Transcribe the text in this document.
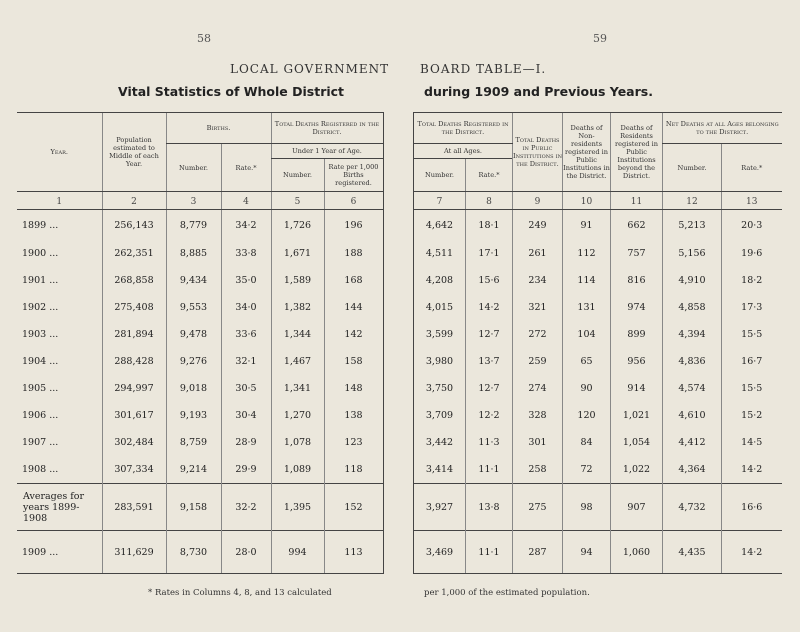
58	59
LOCAL GOVERNMENT	BOARD TABLE—I.
Vital Statistics of Whole District	during 1909 and Previous Years.
Year.	Population estimated to Middle of each Year.	Births.		Total Deaths Registered in the District.	
		Number.	Rate.*	Under 1 Year of Age.	
				Number.	Rate per 1,000 Births registered.
1	2	3	4	5	6
1899 ...	256,143	8,779	34·2	1,726	196
1900 ...	262,351	8,885	33·8	1,671	188
1901 ...	268,858	9,434	35·0	1,589	168
1902 ...	275,408	9,553	34·0	1,382	144
1903 ...	281,894	9,478	33·6	1,344	142
1904 ...	288,428	9,276	32·1	1,467	158
1905 ...	294,997	9,018	30·5	1,341	148
1906 ...	301,617	9,193	30·4	1,270	138
1907 ...	302,484	8,759	28·9	1,078	123
1908 ...	307,334	9,214	29·9	1,089	118
Averages for years 1899-1908	283,591	9,158	32·2	1,395	152
1909 ...	311,629	8,730	28·0	994	113
Total Deaths Registered in the District.		Total Deaths in Public Institutions in the District.	Deaths of Non-residents registered in Public Institutions in the District.	Deaths of Residents registered in Public Institutions beyond the District.	Net Deaths at all Ages belonging to the District.	
At all Ages.					Number.	Rate.*
Number.	Rate.*					
7	8	9	10	11	12	13
4,642	18·1	249	91	662	5,213	20·3
4,511	17·1	261	112	757	5,156	19·6
4,208	15·6	234	114	816	4,910	18·2
4,015	14·2	321	131	974	4,858	17·3
3,599	12·7	272	104	899	4,394	15·5
3,980	13·7	259	65	956	4,836	16·7
3,750	12·7	274	90	914	4,574	15·5
3,709	12·2	328	120	1,021	4,610	15·2
3,442	11·3	301	84	1,054	4,412	14·5
3,414	11·1	258	72	1,022	4,364	14·2
3,927	13·8	275	98	907	4,732	16·6
3,469	11·1	287	94	1,060	4,435	14·2
* Rates in Columns 4, 8, and 13 calculated	per 1,000 of the estimated population.
